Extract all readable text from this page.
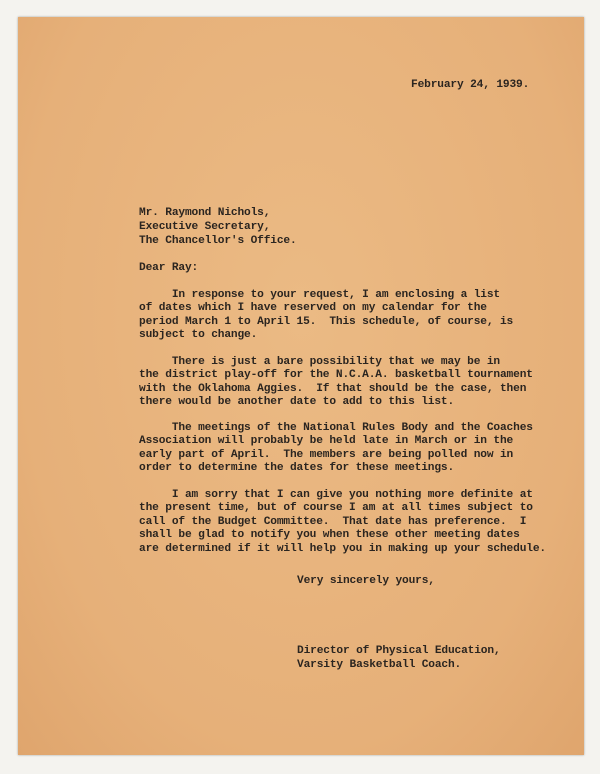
February 24, 1939.
Mr. Raymond Nichols,
Executive Secretary,
The Chancellor's Office.
Dear Ray:
In response to your request, I am enclosing a list
of dates which I have reserved on my calendar for the
period March 1 to April 15.  This schedule, of course, is
subject to change.
There is just a bare possibility that we may be in
the district play-off for the N.C.A.A. basketball tournament
with the Oklahoma Aggies.  If that should be the case, then
there would be another date to add to this list.
The meetings of the National Rules Body and the Coaches
Association will probably be held late in March or in the
early part of April.  The members are being polled now in
order to determine the dates for these meetings.
I am sorry that I can give you nothing more definite at
the present time, but of course I am at all times subject to
call of the Budget Committee.  That date has preference.  I
shall be glad to notify you when these other meeting dates
are determined if it will help you in making up your schedule.
Very sincerely yours,
Director of Physical Education,
Varsity Basketball Coach.
